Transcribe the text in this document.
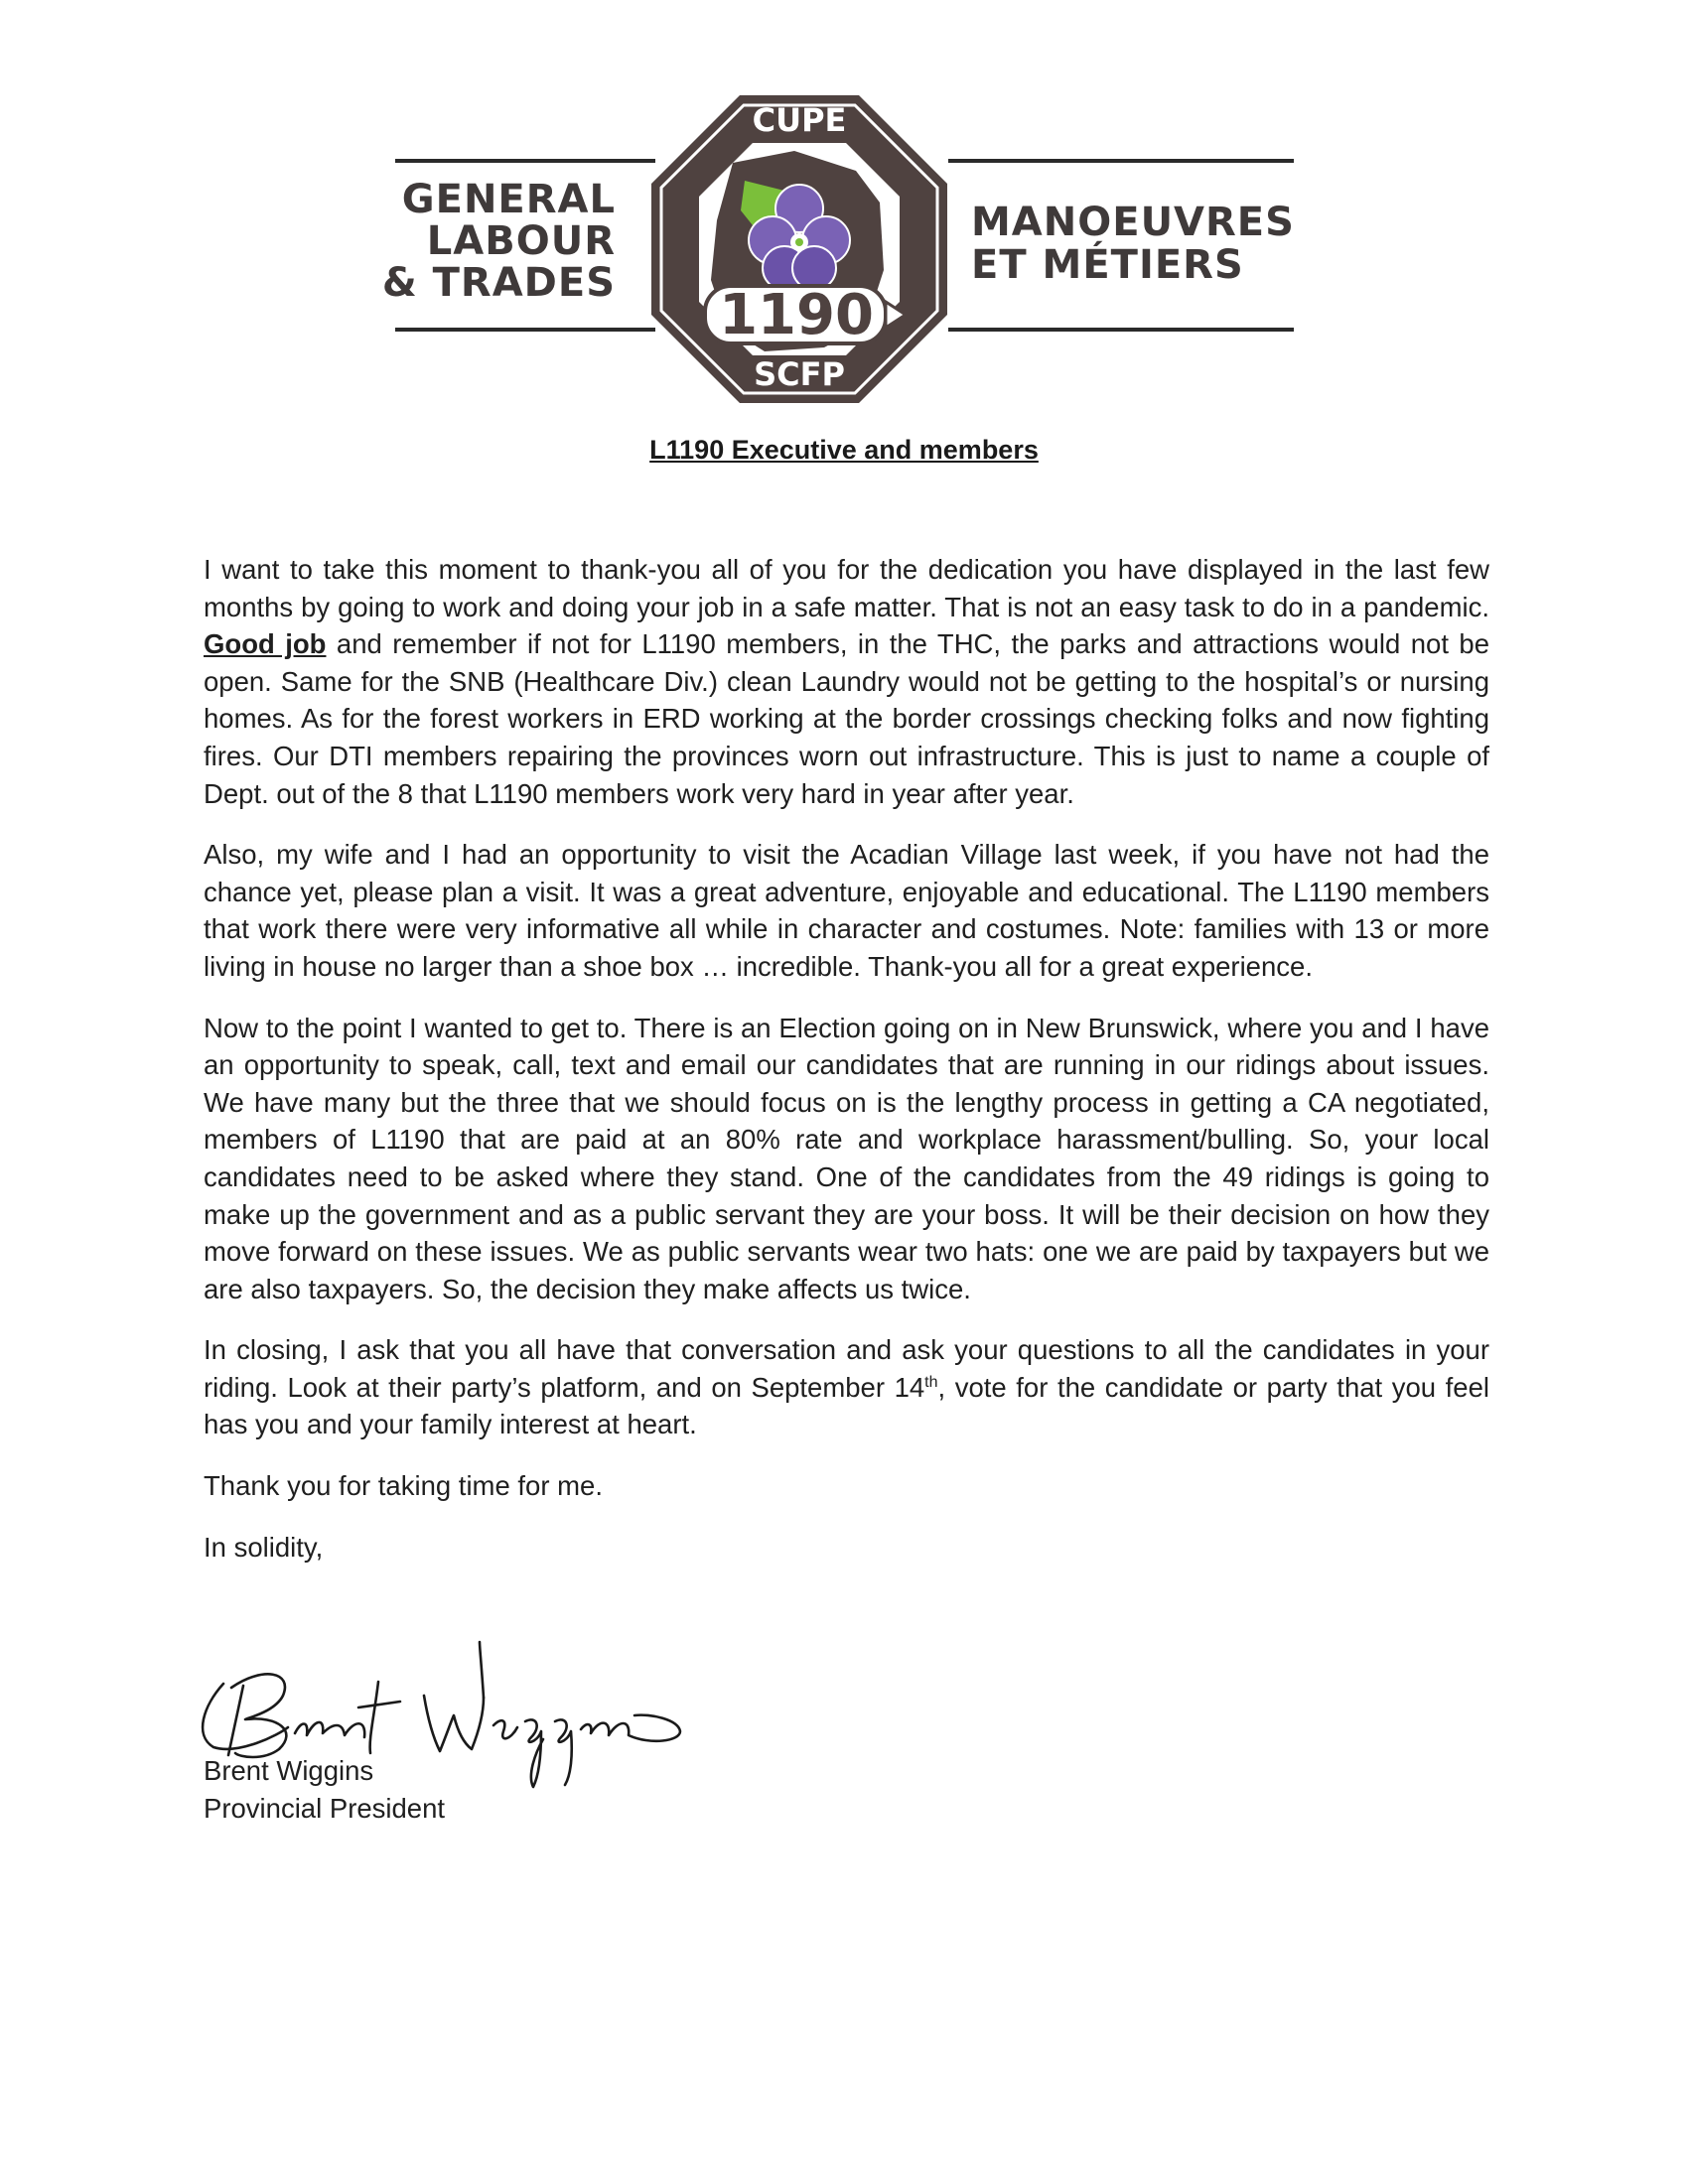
GENERAL
LABOUR
& TRADES
MANOEUVRES
ET MÉTIERS
1190
CUPE
SCFP
L1190 Executive and members

I want to take this moment to thank-you all of you for the dedication you have displayed in the last few months by going to work and doing your job in a safe matter. That is not an easy task to do in a pandemic. Good job and remember if not for L1190 members, in the THC, the parks and attractions would not be open. Same for the SNB (Healthcare Div.) clean Laundry would not be getting to the hospital’s or nursing homes. As for the forest workers in ERD working at the border crossings checking folks and now fighting fires. Our DTI members repairing the provinces worn out infrastructure. This is just to name a couple of Dept. out of the 8 that L1190 members work very hard in year after year.

Also, my wife and I had an opportunity to visit the Acadian Village last week, if you have not had the chance yet, please plan a visit. It was a great adventure, enjoyable and educational. The L1190 members that work there were very informative all while in character and costumes. Note: families with 13 or more living in house no larger than a shoe box … incredible. Thank-you all for a great experience.

Now to the point I wanted to get to. There is an Election going on in New Brunswick, where you and I have an opportunity to speak, call, text and email our candidates that are running in our ridings about issues. We have many but the three that we should focus on is the lengthy process in getting a CA negotiated, members of L1190 that are paid at an 80% rate and workplace harassment/bulling. So, your local candidates need to be asked where they stand. One of the candidates from the 49 ridings is going to make up the government and as a public servant they are your boss. It will be their decision on how they move forward on these issues. We as public servants wear two hats: one we are paid by taxpayers but we are also taxpayers. So, the decision they make affects us twice.

In closing, I ask that you all have that conversation and ask your questions to all the candidates in your riding. Look at their party’s platform, and on September 14th, vote for the candidate or party that you feel has you and your family interest at heart.

Thank you for taking time for me.

In solidity,

Brent Wiggins
Provincial President
